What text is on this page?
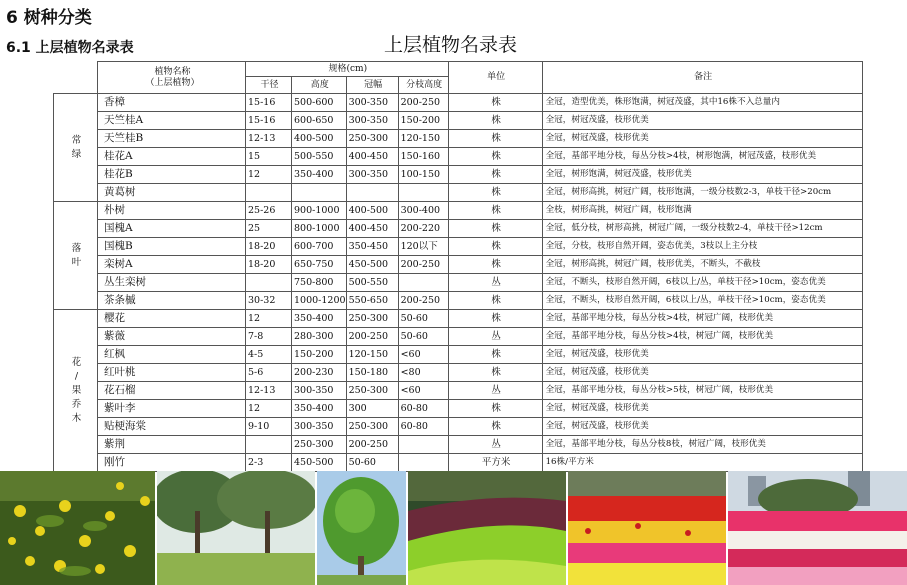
6 树种分类
6.1 上层植物名录表	上层植物名录表

	植物名称
（上层植物）	规格(cm)				单位	备注
		干径	高度	冠幅	分枝高度		

常
绿	香樟	15-16	500-600	300-350	200-250	株	全冠，造型优美，株形饱满，树冠茂盛，其中16株不入总量内
	天竺桂A	15-16	600-650	300-350	150-200	株	全冠，树冠茂盛，枝形优美
	天竺桂B	12-13	400-500	250-300	120-150	株	全冠，树冠茂盛，枝形优美
	桂花A	15	500-550	400-450	150-160	株	全冠，基部平地分枝，每丛分枝>4枝，树形饱满，树冠茂盛，枝形优美
	桂花B	12	350-400	300-350	100-150	株	全冠，树形饱满，树冠茂盛，枝形优美
	黄葛树					株	全冠，树形高挑，树冠广阔，枝形饱满，一级分枝数2-3，单枝干径>20cm

落
叶	朴树	25-26	900-1000	400-500	300-400	株	全枝，树形高挑，树冠广阔，枝形饱满
	国槐A	25	800-1000	400-450	200-220	株	全冠，低分枝，树形高挑，树冠广阔，一级分枝数2-4，单枝干径>12cm
	国槐B	18-20	600-700	350-450	120以下	株	全冠，分枝，枝形自然开阔，姿态优美，3枝以上主分枝
	栾树A	18-20	650-750	450-500	200-250	株	全冠，树形高挑，树冠广阔，枝形优美，不断头，不截枝
	丛生栾树		750-800	500-550		丛	全冠，不断头，枝形自然开阔，6枝以上/丛，单枝干径>10cm，姿态优美
	茶条槭	30-32	1000-1200	550-650	200-250	株	全冠，不断头，枝形自然开阔，6枝以上/丛，单枝干径>10cm，姿态优美

花
/
果
乔
木	樱花	12	350-400	250-300	50-60	株	全冠，基部平地分枝，每丛分枝>4枝，树冠广阔，枝形优美
	紫薇	7-8	280-300	200-250	50-60	丛	全冠，基部平地分枝，每丛分枝>4枝，树冠广阔，枝形优美
	红枫	4-5	150-200	120-150	<60	株	全冠，树冠茂盛，枝形优美
	红叶桃	5-6	200-230	150-180	<80	株	全冠，树冠茂盛，枝形优美
	花石榴	12-13	300-350	250-300	<60	丛	全冠，基部平地分枝，每丛分枝>5枝，树冠广阔，枝形优美
	紫叶李	12	350-400	300	60-80	株	全冠，树冠茂盛，枝形优美
	贴梗海棠	9-10	300-350	250-300	60-80	株	全冠，树冠茂盛，枝形优美
	紫荆		250-300	200-250		丛	全冠，基部平地分枝，每丛分枝8枝，树冠广阔，枝形优美
	刚竹	2-3	450-500	50-60		平方米	16株/平方米
